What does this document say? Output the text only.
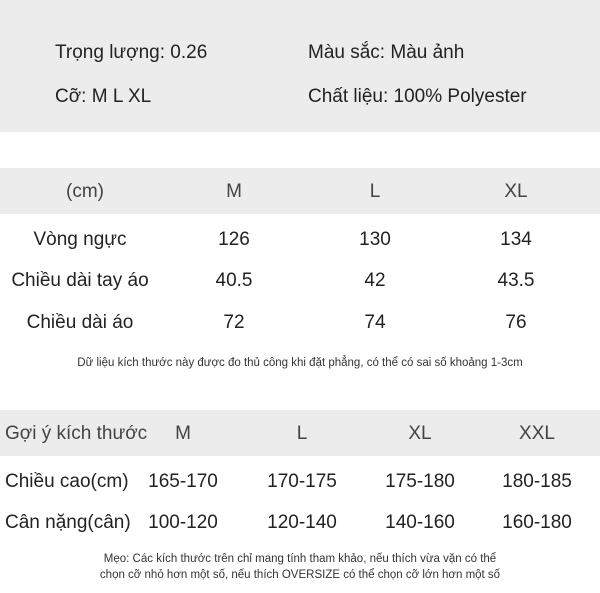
Trọng lượng: 0.26	Màu sắc: Màu ảnh
Cỡ: M L XL	Chất liệu: 100% Polyester
(cm)	M	L	XL
Vòng ngực	126	130	134
Chiều dài tay áo	40.5	42	43.5
Chiều dài áo	72	74	76
Dữ liệu kích thước này được đo thủ công khi đặt phẳng, có thể có sai số khoảng 1-3cm
Gợi ý kích thước M	L	XL	XXL
Chiều cao(cm) 165-170	170-175	175-180 180-185
Cân nặng(cân) 100-120	120-140	140-160 160-180
Mẹo: Các kích thước trên chỉ mang tính tham khảo, nếu thích vừa vặn có thể
chọn cỡ nhỏ hơn một số, nếu thích OVERSIZE có thể chọn cỡ lớn hơn một số
